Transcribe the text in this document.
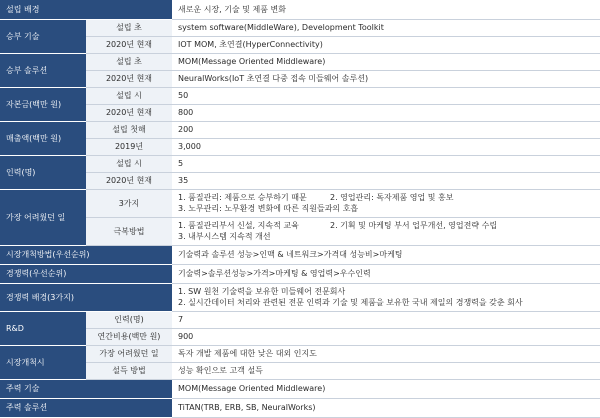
설립 배경		새로운 시장, 기술 및 제품 변화
승부 기술	설립 초	system software(MiddleWare), Development Toolkit
	2020년 현재	IOT MOM, 초연결(HyperConnectivity)
승부 솔루션	설립 초	MOM(Message Oriented Middleware)
	2020년 현재	NeuralWorks(IoT 초연결 다중 접속 미들웨어 솔루션)
자본금(백만 원)	설립 시	50
	2020년 현재	800
매출액(백만 원)	설립 첫해	200
	2019년	3,000
인력(명)	설립 시	5
	2020년 현재	35
가장 어려웠던 일	3가지	1. 품질관리: 제품으로 승부하기 때문 2. 영업관리: 독자제품 영업 및 홍보
3. 노무관리: 노무환경 변화에 따른 직원들과의 호흡

	극복방법	1. 품질관리부서 신설, 지속적 교육 2. 기획 및 마케팅 부서 업무개선, 영업전략 수립
3. 내부시스템 지속적 개선

시장개척방법(우선순위)		기술력과 솔루션 성능>인맥 & 네트워크>가격대 성능비>마케팅
경쟁력(우선순위)		기술력>솔루션성능>가격>마케팅 & 영업력>우수인력
경쟁력 배경(3가지)		1. SW 원천 기술력을 보유한 미들웨어 전문회사
2. 실시간데이터 처리와 관련된 전문 인력과 기술 및 제품을 보유한 국내 제일의 경쟁력을 갖춘 회사

R&D	인력(명)	7
	연간비용(백만 원)	900
시장개척시	가장 어려웠던 일	독자 개발 제품에 대한 낮은 대외 인지도
	설득 방법	성능 확인으로 고객 설득
주력 기술		MOM(Message Oriented Middleware)
주력 솔루션		TiTAN(TRB, ERB, SB, NeuralWorks)
